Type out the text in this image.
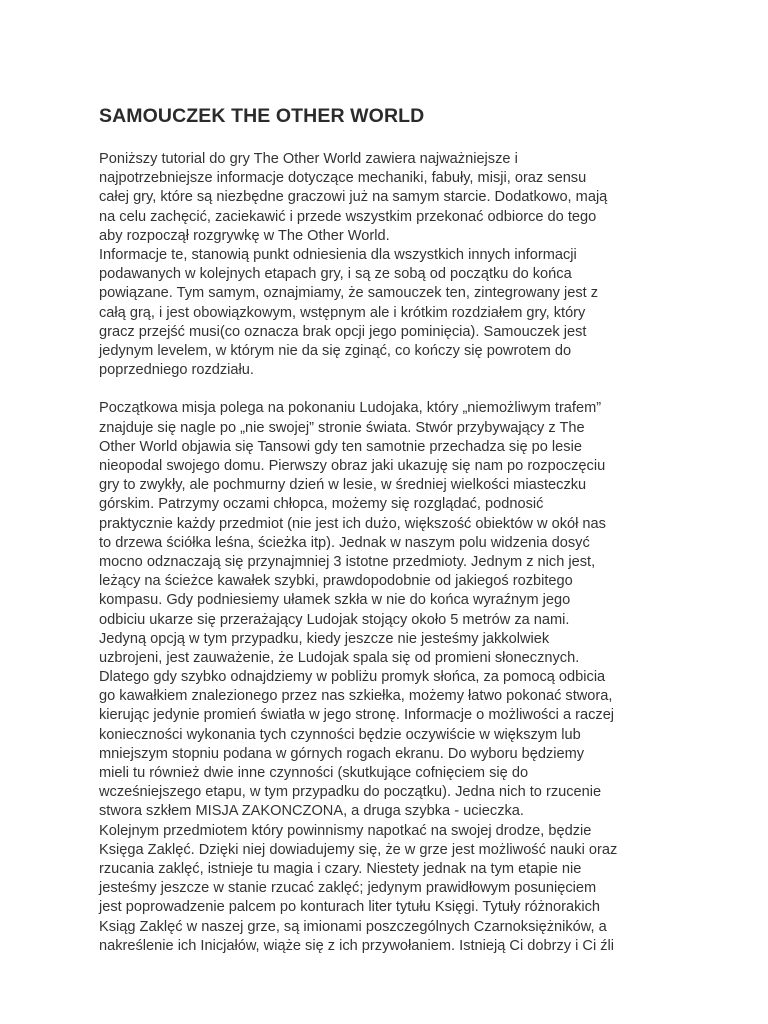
SAMOUCZEK THE OTHER WORLD
Poniższy tutorial do gry The Other World zawiera najważniejsze i
najpotrzebniejsze informacje dotyczące mechaniki, fabuły, misji, oraz sensu
całej gry, które są niezbędne graczowi już na samym starcie. Dodatkowo, mają
na celu zachęcić, zaciekawić i przede wszystkim przekonać odbiorce do tego
aby rozpoczął rozgrywkę w The Other World.
Informacje te, stanowią punkt odniesienia dla wszystkich innych informacji
podawanych w kolejnych etapach gry, i są ze sobą od początku do końca
powiązane. Tym samym, oznajmiamy, że samouczek ten, zintegrowany jest z
całą grą, i jest obowiązkowym, wstępnym ale i krótkim rozdziałem gry, który
gracz przejść musi(co oznacza brak opcji jego pominięcia). Samouczek jest
jedynym levelem, w którym nie da się zginąć, co kończy się powrotem do
poprzedniego rozdziału.
Początkowa misja polega na pokonaniu Ludojaka, który „niemożliwym trafem”
znajduje się nagle po „nie swojej” stronie świata. Stwór przybywający z The
Other World objawia się Tansowi gdy ten samotnie przechadza się po lesie
nieopodal swojego domu. Pierwszy obraz jaki ukazuję się nam po rozpoczęciu
gry to zwykły, ale pochmurny dzień w lesie, w średniej wielkości miasteczku
górskim. Patrzymy oczami chłopca, możemy się rozglądać, podnosić
praktycznie każdy przedmiot (nie jest ich dużo, większość obiektów w okół nas
to drzewa ściółka leśna, ścieżka itp). Jednak w naszym polu widzenia dosyć
mocno odznaczają się przynajmniej 3 istotne przedmioty. Jednym z nich jest,
leżący na ścieżce kawałek szybki, prawdopodobnie od jakiegoś rozbitego
kompasu. Gdy podniesiemy ułamek szkła w nie do końca wyraźnym jego
odbiciu ukarze się przerażający Ludojak stojący około 5 metrów za nami.
Jedyną opcją w tym przypadku, kiedy jeszcze nie jesteśmy jakkolwiek
uzbrojeni, jest zauważenie, że Ludojak spala się od promieni słonecznych.
Dlatego gdy szybko odnajdziemy w pobliżu promyk słońca, za pomocą odbicia
go kawałkiem znalezionego przez nas szkiełka, możemy łatwo pokonać stwora,
kierując jedynie promień światła w jego stronę. Informacje o możliwości a raczej
konieczności wykonania tych czynności będzie oczywiście w większym lub
mniejszym stopniu podana w górnych rogach ekranu. Do wyboru będziemy
mieli tu również dwie inne czynności (skutkujące cofnięciem się do
wcześniejszego etapu, w tym przypadku do początku). Jedna nich to rzucenie
stwora szkłem MISJA ZAKONCZONA, a druga szybka - ucieczka.
Kolejnym przedmiotem który powinnismy napotkać na swojej drodze, będzie
Księga Zaklęć. Dzięki niej dowiadujemy się, że w grze jest możliwość nauki oraz
rzucania zaklęć, istnieje tu magia i czary. Niestety jednak na tym etapie nie
jesteśmy jeszcze w stanie rzucać zaklęć; jedynym prawidłowym posunięciem
jest poprowadzenie palcem po konturach liter tytułu Księgi. Tytuły różnorakich
Ksiąg Zaklęć w naszej grze, są imionami poszczególnych Czarnoksiężników, a
nakreślenie ich Inicjałów, wiąże się z ich przywołaniem. Istnieją Ci dobrzy i Ci źli
